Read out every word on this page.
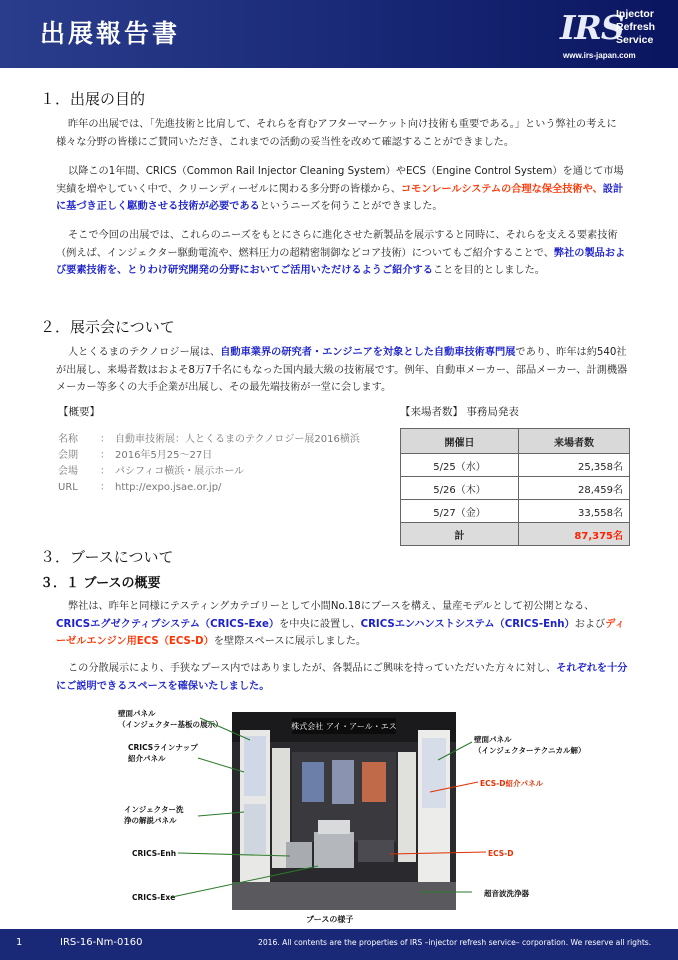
出展報告書	IRS
Injector
Refresh
Service
www.irs-japan.com
１．出展の目的
昨年の出展では、「先進技術と比肩して、それらを育むアフターマーケット向け技術も重要である。」という弊社の考えに様々な分野の皆様にご賛同いただき、これまでの活動の妥当性を改めて確認することができました。
以降この1年間、CRICS（Common Rail Injector Cleaning System）やECS（Engine Control System）を通じて市場実績を増やしていく中で、クリーンディーゼルに関わる多分野の皆様から、コモンレールシステムの合理な保全技術や、設計に基づき正しく駆動させる技術が必要であるというニーズを伺うことができました。
そこで今回の出展では、これらのニーズをもとにさらに進化させた新製品を展示すると同時に、それらを支える要素技術（例えば、インジェクター駆動電流や、燃料圧力の超精密制御などコア技術）についてもご紹介することで、弊社の製品および要素技術を、とりわけ研究開発の分野においてご活用いただけるようご紹介することを目的としました。
２．展示会について
人とくるまのテクノロジー展は、自動車業界の研究者・エンジニアを対象とした自動車技術専門展であり、昨年は約540社が出展し、来場者数はおよそ8万7千名にもなった国内最大級の技術展です。例年、自動車メーカー、部品メーカー、計測機器メーカー等多くの大手企業が出展し、その最先端技術が一堂に会します。
【概要】
名称 ：　自動車技術展：人とくるまのテクノロジー展2016横浜
会期 ：　2016年5月25～27日
会場 ：　パシフィコ横浜・展示ホール
URL ：　http://expo.jsae.or.jp/
【来場者数】 事務局発表
開催日	来場者数
5/25（水）	25,358名
5/26（木）	28,459名
5/27（金）	33,558名
計	87,375名
３．ブースについて
３．１ ブースの概要
弊社は、昨年と同様にテスティングカテゴリーとして小間No.18にブースを構え、量産モデルとして初公開となる、CRICSエグゼクティブシステム（CRICS-Exe）を中央に設置し、CRICSエンハンストシステム（CRICS-Enh）およびディーゼルエンジン用ECS（ECS-D）を壁際スペースに展示しました。
この分散展示により、手狭なブース内ではありましたが、各製品にご興味を持っていただいた方々に対し、それぞれを十分にご説明できるスペースを確保いたしました。
株式会社 アイ・アール・エス
壁面パネル
（インジェクター基板の展示）
CRICSラインナップ
紹介パネル
インジェクター洗
浄の解説パネル
CRICS-Enh
CRICS-Exe
壁面パネル
（インジェクターテクニカル解）
ECS-D紹介パネル
ECS-D
超音波洗浄器
ブースの様子
1	IRS-16-Nm-0160	2016. All contents are the properties of IRS –injector refresh service– corporation. We reserve all rights.
